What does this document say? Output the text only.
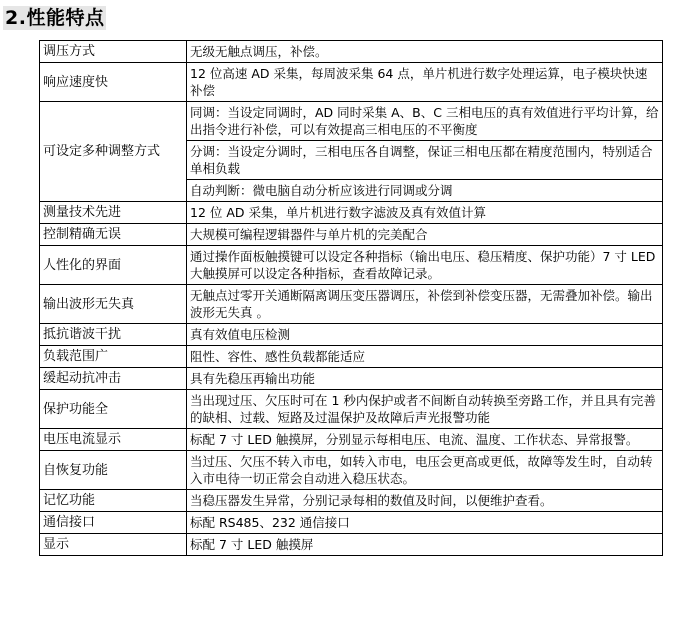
2.性能特点
调压方式	无级无触点调压，补偿。
响应速度快	12 位高速 AD 采集，每周波采集 64 点，单片机进行数字处理运算，电子模块快速补偿
可设定多种调整方式	同调：当设定同调时，AD 同时采集 A、B、C 三相电压的真有效值进行平均计算，给出指令进行补偿，可以有效提高三相电压的不平衡度
	分调：当设定分调时，三相电压各自调整，保证三相电压都在精度范围内，特别适合单相负载
	自动判断：微电脑自动分析应该进行同调或分调
测量技术先进	12 位 AD 采集，单片机进行数字滤波及真有效值计算
控制精确无误	大规模可编程逻辑器件与单片机的完美配合
人性化的界面	通过操作面板触摸键可以设定各种指标（输出电压、稳压精度、保护功能）7 寸 LED 大触摸屏可以设定各种指标，查看故障记录。
输出波形无失真	无触点过零开关通断隔离调压变压器调压，补偿到补偿变压器，无需叠加补偿。输出波形无失真 。
抵抗谐波干扰	真有效值电压检测
负载范围广	阻性、容性、感性负载都能适应
缓起动抗冲击	具有先稳压再输出功能
保护功能全	当出现过压、欠压时可在 1 秒内保护或者不间断自动转换至旁路工作，并且具有完善的缺相、过载、短路及过温保护及故障后声光报警功能
电压电流显示	标配 7 寸 LED 触摸屏，分别显示每相电压、电流、温度、工作状态、异常报警。
自恢复功能	当过压、欠压不转入市电，如转入市电，电压会更高或更低，故障等发生时，自动转入市电待一切正常会自动进入稳压状态。
记忆功能	当稳压器发生异常，分别记录每相的数值及时间，以便维护查看。
通信接口	标配 RS485、232 通信接口
显示	标配 7 寸 LED 触摸屏
